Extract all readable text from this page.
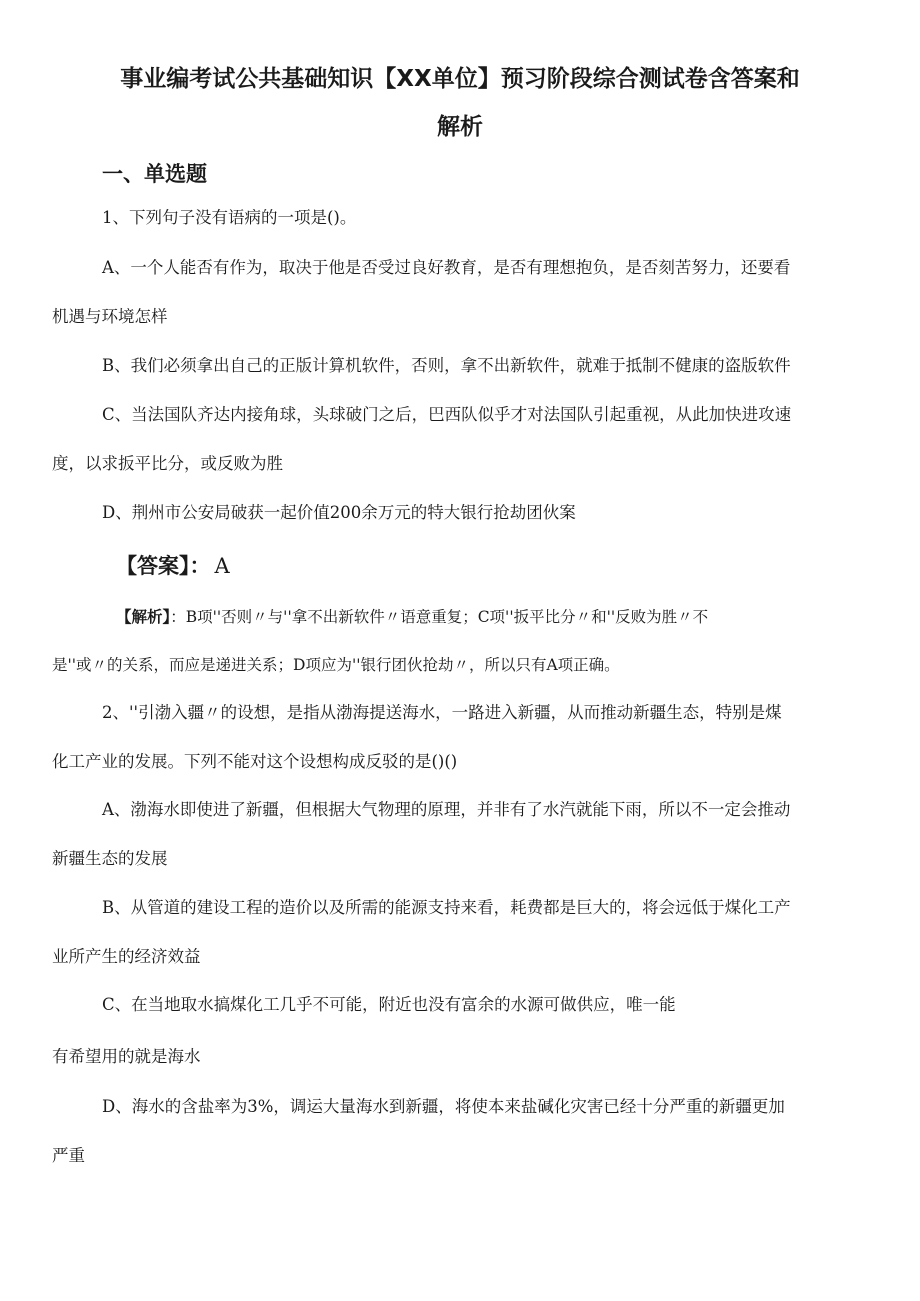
事业编考试公共基础知识【XX单位】预习阶段综合测试卷含答案和
解析
一、单选题
1、下列句子没有语病的一项是()。
A、一个人能否有作为，取决于他是否受过良好教育，是否有理想抱负，是否刻苦努力，还要看
机遇与环境怎样
B、我们必须拿出自己的正版计算机软件，否则，拿不出新软件，就难于抵制不健康的盗版软件
C、当法国队齐达内接角球，头球破门之后，巴西队似乎才对法国队引起重视，从此加快进攻速
度，以求扳平比分，或反败为胜
D、荆州市公安局破获一起价值200余万元的特大银行抢劫团伙案
【答案】： A
【解析】：B项''否则〃与''拿不出新软件〃语意重复；C项''扳平比分〃和''反败为胜〃不
是''或〃的关系，而应是递进关系；D项应为''银行团伙抢劫〃，所以只有A项正确。
2、''引渤入疆〃的设想，是指从渤海提送海水，一路进入新疆，从而推动新疆生态，特别是煤
化工产业的发展。下列不能对这个设想构成反驳的是()()
A、渤海水即使进了新疆，但根据大气物理的原理，并非有了水汽就能下雨，所以不一定会推动
新疆生态的发展
B、从管道的建设工程的造价以及所需的能源支持来看，耗费都是巨大的，将会远低于煤化工产
业所产生的经济效益
C、在当地取水搞煤化工几乎不可能，附近也没有富余的水源可做供应，唯一能
有希望用的就是海水
D、海水的含盐率为3%，调运大量海水到新疆，将使本来盐碱化灾害已经十分严重的新疆更加
严重
